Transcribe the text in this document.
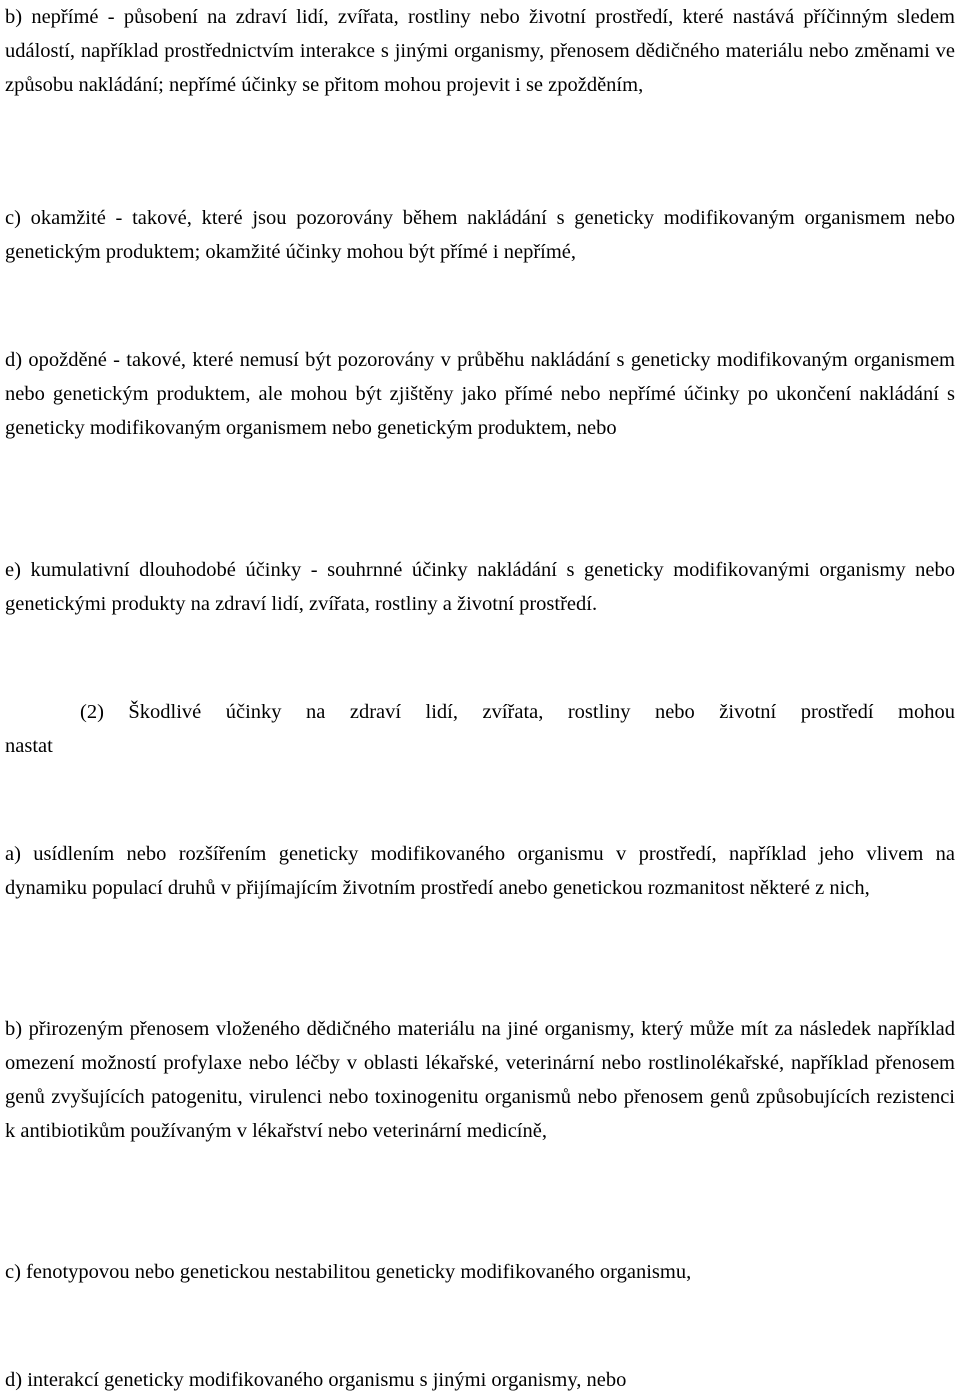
b) nepřímé - působení na zdraví lidí, zvířata, rostliny nebo životní prostředí, které nastává příčinným sledem událostí, například prostřednictvím interakce s jinými organismy, přenosem dědičného materiálu nebo změnami ve způsobu nakládání; nepřímé účinky se přitom mohou projevit i se zpožděním,

c) okamžité - takové, které jsou pozorovány během nakládání s geneticky modifikovaným organismem nebo genetickým produktem; okamžité účinky mohou být přímé i nepřímé,

d) opožděné - takové, které nemusí být pozorovány v průběhu nakládání s geneticky modifikovaným organismem nebo genetickým produktem, ale mohou být zjištěny jako přímé nebo nepřímé účinky po ukončení nakládání s geneticky modifikovaným organismem nebo genetickým produktem, nebo

e) kumulativní dlouhodobé účinky - souhrnné účinky nakládání s geneticky modifikovanými organismy nebo genetickými produkty na zdraví lidí, zvířata, rostliny a životní prostředí.

(2) Škodlivé účinky na zdraví lidí, zvířata, rostliny nebo životní prostředí mohou

nastat

a) usídlením nebo rozšířením geneticky modifikovaného organismu v prostředí, například jeho vlivem na dynamiku populací druhů v přijímajícím životním prostředí anebo genetickou rozmanitost některé z nich,

b) přirozeným přenosem vloženého dědičného materiálu na jiné organismy, který může mít za následek například omezení možností profylaxe nebo léčby v oblasti lékařské, veterinární nebo rostlinolékařské, například přenosem genů zvyšujících patogenitu, virulenci nebo toxinogenitu organismů nebo přenosem genů způsobujících rezistenci k antibiotikům používaným v lékařství nebo veterinární medicíně,

c) fenotypovou nebo genetickou nestabilitou geneticky modifikovaného organismu,

d) interakcí geneticky modifikovaného organismu s jinými organismy, nebo
